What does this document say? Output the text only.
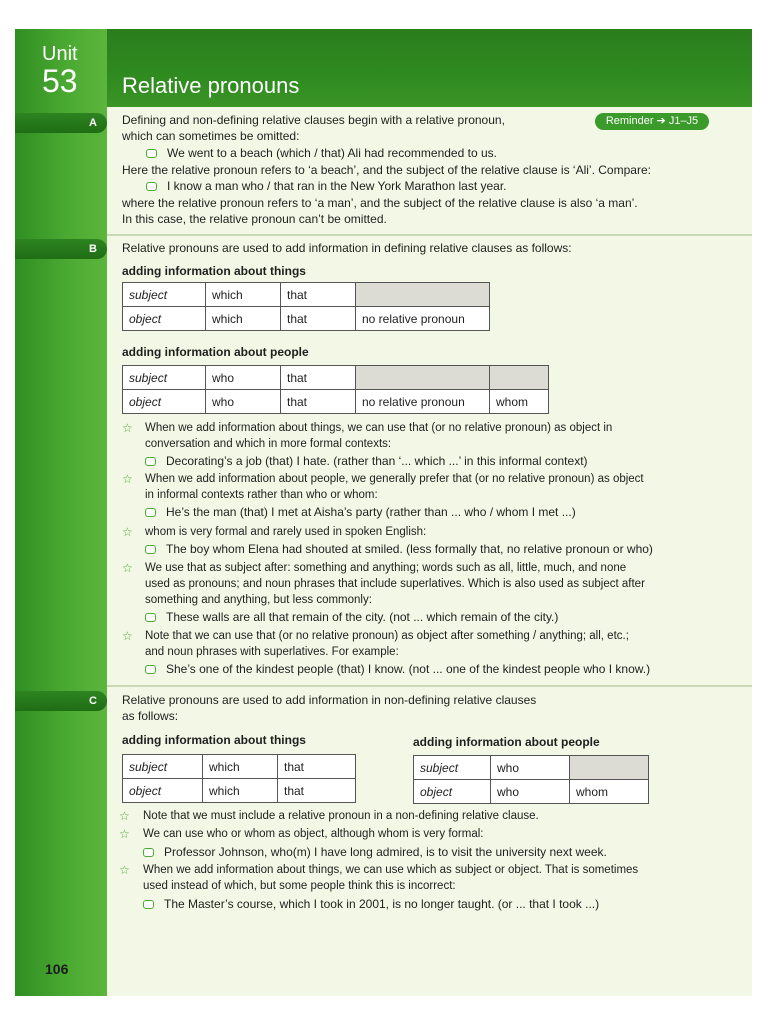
Unit
53 Relative pronouns
Reminder ➔ J1–J5
A	Defining and non-defining relative clauses begin with a relative pronoun,
which can sometimes be omitted:
We went to a beach (which / that) Ali had recommended to us.
Here the relative pronoun refers to ‘a beach’, and the subject of the relative clause is ‘Ali’. Compare:
I know a man who / that ran in the New York Marathon last year.
where the relative pronoun refers to ‘a man’, and the subject of the relative clause is also ‘a man’.
In this case, the relative pronoun can’t be omitted.
B	Relative pronouns are used to add information in defining relative clauses as follows:
adding information about things
subject	which	that	
object	which	that	no relative pronoun
adding information about people
subject	who	that		
object	who	that	no relative pronoun	whom
☆ When we add information about things, we can use that (or no relative pronoun) as object in
conversation and which in more formal contexts:
Decorating’s a job (that) I hate. (rather than ‘... which ...’ in this informal context)
☆ When we add information about people, we generally prefer that (or no relative pronoun) as object
in informal contexts rather than who or whom:
He’s the man (that) I met at Aisha’s party (rather than ... who / whom I met ...)
☆ whom is very formal and rarely used in spoken English:
The boy whom Elena had shouted at smiled. (less formally that, no relative pronoun or who)
☆ We use that as subject after: something and anything; words such as all, little, much, and none
used as pronouns; and noun phrases that include superlatives. Which is also used as subject after
something and anything, but less commonly:
These walls are all that remain of the city. (not ... which remain of the city.)
☆ Note that we can use that (or no relative pronoun) as object after something / anything; all, etc.;
and noun phrases with superlatives. For example:
She’s one of the kindest people (that) I know. (not ... one of the kindest people who I know.)
C	Relative pronouns are used to add information in non-defining relative clauses
as follows:
adding information about things	adding information about people
subject	which	that
object	which	that
subject	who	
object	who	whom
☆ Note that we must include a relative pronoun in a non-defining relative clause.
☆ We can use who or whom as object, although whom is very formal:
Professor Johnson, who(m) I have long admired, is to visit the university next week.
☆ When we add information about things, we can use which as subject or object. That is sometimes
used instead of which, but some people think this is incorrect:
The Master’s course, which I took in 2001, is no longer taught. (or ... that I took ...)
106
